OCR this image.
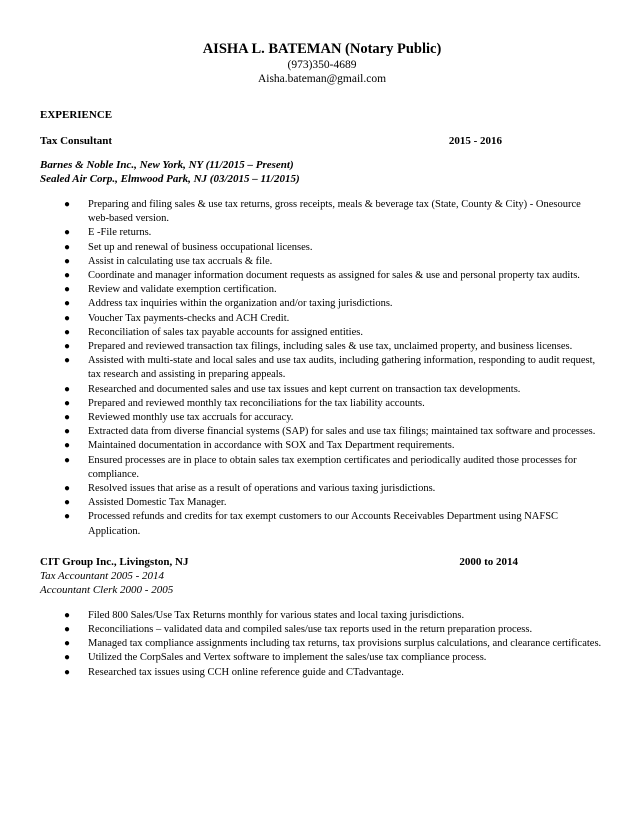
AISHA L. BATEMAN (Notary Public)
(973)350-4689
Aisha.bateman@gmail.com
EXPERIENCE
Tax Consultant	2015 - 2016
Barnes & Noble Inc., New York, NY (11/2015 – Present)
Sealed Air Corp., Elmwood Park, NJ (03/2015 – 11/2015)
● Preparing and filing sales & use tax returns, gross receipts, meals & beverage tax (State, County & City) - Onesource web-based version.
● E -File returns.
● Set up and renewal of business occupational licenses.
● Assist in calculating use tax accruals & file.
● Coordinate and manager information document requests as assigned for sales & use and personal property tax audits.
● Review and validate exemption certification.
● Address tax inquiries within the organization and/or taxing jurisdictions.
● Voucher Tax payments-checks and ACH Credit.
● Reconciliation of sales tax payable accounts for assigned entities.
● Prepared and reviewed transaction tax filings, including sales & use tax, unclaimed property, and business licenses.
● Assisted with multi-state and local sales and use tax audits, including gathering information, responding to audit request, tax research and assisting in preparing appeals.
● Researched and documented sales and use tax issues and kept current on transaction tax developments.
● Prepared and reviewed monthly tax reconciliations for the tax liability accounts.
● Reviewed monthly use tax accruals for accuracy.
● Extracted data from diverse financial systems (SAP) for sales and use tax filings; maintained tax software and processes.
● Maintained documentation in accordance with SOX and Tax Department requirements.
● Ensured processes are in place to obtain sales tax exemption certificates and periodically audited those processes for compliance.
● Resolved issues that arise as a result of operations and various taxing jurisdictions.
● Assisted Domestic Tax Manager.
● Processed refunds and credits for tax exempt customers to our Accounts Receivables Department using NAFSC Application.
CIT Group Inc., Livingston, NJ	2000 to 2014
Tax Accountant 2005 - 2014
Accountant Clerk 2000 - 2005
● Filed 800 Sales/Use Tax Returns monthly for various states and local taxing jurisdictions.
● Reconciliations – validated data and compiled sales/use tax reports used in the return preparation process.
● Managed tax compliance assignments including tax returns, tax provisions surplus calculations, and clearance certificates.
● Utilized the CorpSales and Vertex software to implement the sales/use tax compliance process.
● Researched tax issues using CCH online reference guide and CTadvantage.
